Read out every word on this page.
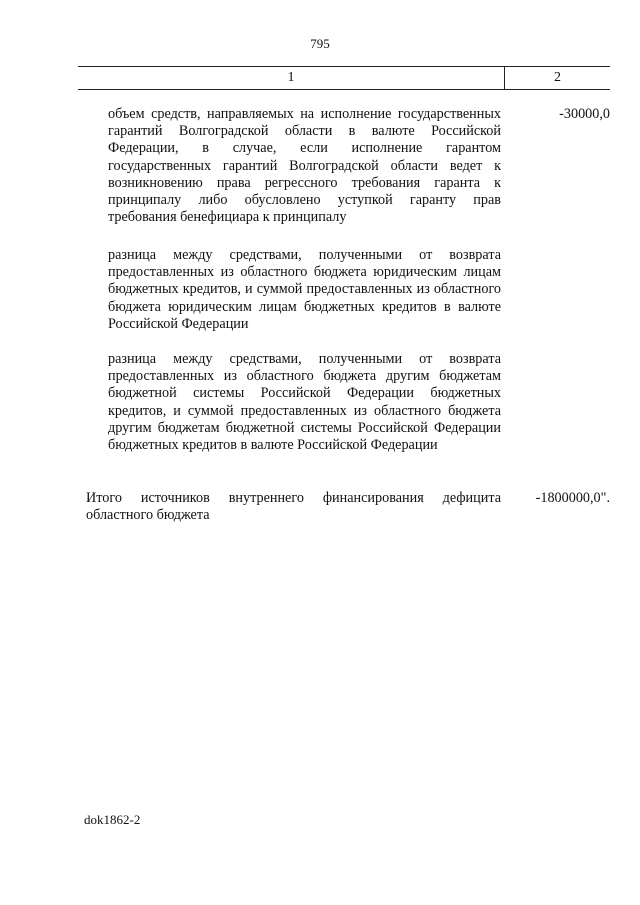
795
1	2
объем средств, направляемых на исполнение государственных гарантий Волгоградской области в валюте Российской Федерации, в случае, если исполнение гарантом государственных гарантий Волгоградской области ведет к возникновению права регрессного требования гаранта к принципалу либо обусловлено уступкой гаранту прав требования бенефициара к принципалу
-30000,0
разница между средствами, полученными от возврата предоставленных из областного бюджета юридическим лицам бюджетных кредитов, и суммой предоставленных из областного бюджета юридическим лицам бюджетных кредитов в валюте Российской Федерации
разница между средствами, полученными от возврата предоставленных из областного бюджета другим бюджетам бюджетной системы Российской Федерации бюджетных кредитов, и суммой предоставленных из областного бюджета другим бюджетам бюджетной системы Российской Федерации бюджетных кредитов в валюте Российской Федерации
Итого источников внутреннего финансирования дефицита областного бюджета
-1800000,0".
dok1862-2
